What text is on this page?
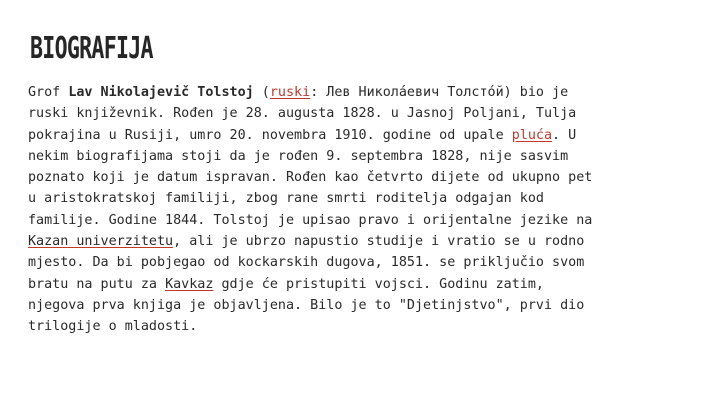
BIOGRAFIJA
Grof Lav Nikolajevič Tolstoj (ruski: Лев Никола́евич Толсто́й) bio je
ruski književnik. Rođen je 28. augusta 1828. u Jasnoj Poljani, Tulja
pokrajina u Rusiji, umro 20. novembra 1910. godine od upale pluća. U
nekim biografijama stoji da je rođen 9. septembra 1828, nije sasvim
poznato koji je datum ispravan. Rođen kao četvrto dijete od ukupno pet
u aristokratskoj familiji, zbog rane smrti roditelja odgajan kod
familije. Godine 1844. Tolstoj je upisao pravo i orijentalne jezike na
Kazan univerzitetu, ali je ubrzo napustio studije i vratio se u rodno
mjesto. Da bi pobjegao od kockarskih dugova, 1851. se priključio svom
bratu na putu za Kavkaz gdje će pristupiti vojsci. Godinu zatim,
njegova prva knjiga je objavljena. Bilo je to "Djetinjstvo", prvi dio
trilogije o mladosti.
